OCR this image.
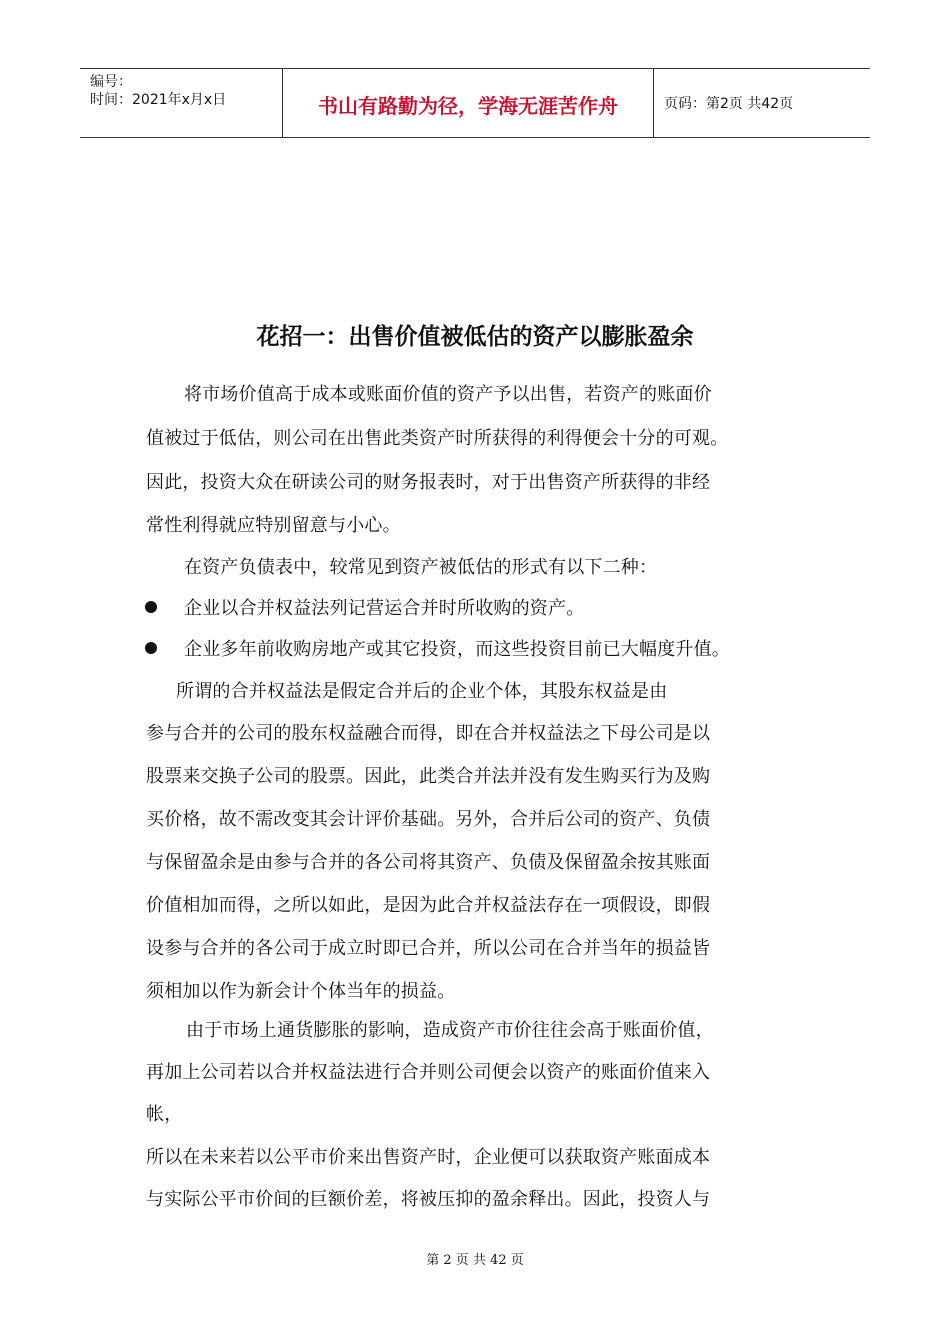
编号：
时间：2021年x月x日	书山有路勤为径，学海无涯苦作舟	页码：第2页 共42页
花招一：出售价值被低估的资产以膨胀盈余
将市场价值高于成本或账面价值的资产予以出售，若资产的账面价
值被过于低估，则公司在出售此类资产时所获得的利得便会十分的可观。
因此，投资大众在研读公司的财务报表时，对于出售资产所获得的非经
常性利得就应特别留意与小心。
在资产负债表中，较常见到资产被低估的形式有以下二种：
企业以合并权益法列记营运合并时所收购的资产。
企业多年前收购房地产或其它投资，而这些投资目前已大幅度升值。
所谓的合并权益法是假定合并后的企业个体，其股东权益是由
参与合并的公司的股东权益融合而得，即在合并权益法之下母公司是以
股票来交换子公司的股票。因此，此类合并法并没有发生购买行为及购
买价格，故不需改变其会计评价基础。另外，合并后公司的资产、负债
与保留盈余是由参与合并的各公司将其资产、负债及保留盈余按其账面
价值相加而得，之所以如此，是因为此合并权益法存在一项假设，即假
设参与合并的各公司于成立时即已合并，所以公司在合并当年的损益皆
须相加以作为新会计个体当年的损益。
由于市场上通货膨胀的影响，造成资产市价往往会高于账面价值，
再加上公司若以合并权益法进行合并则公司便会以资产的账面价值来入
帐，
所以在未来若以公平市价来出售资产时，企业便可以获取资产账面成本
与实际公平市价间的巨额价差，将被压抑的盈余释出。因此，投资人与
第 2 页 共 42 页
